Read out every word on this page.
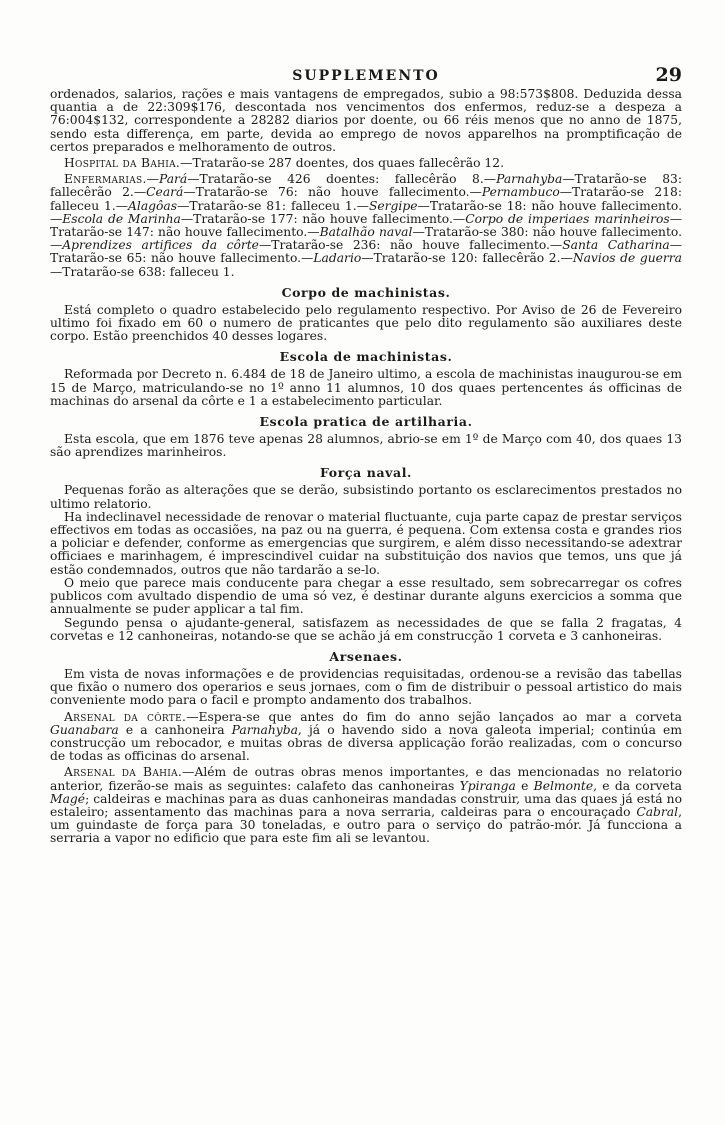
SUPPLEMENTO	29

ordenados, salarios, rações e mais vantagens de empregados, subio a 98:573$808. Deduzida dessa quantia a de 22:309$176, descontada nos vencimentos dos enfermos, reduz-se a despeza a 76:004$132, correspondente a 28282 diarios por doente, ou 66 réis menos que no anno de 1875, sendo esta differença, em parte, devida ao emprego de novos apparelhos na promptificação de certos preparados e melhoramento de outros.

Hospital da Bahia.—Tratarão-se 287 doentes, dos quaes fallecêrão 12.

Enfermarias.—Pará—Tratarão-se 426 doentes: fallecêrão 8.—Parnahyba—Tratarão-se 83: fallecêrão 2.—Ceará—Tratarão-se 76: não houve fallecimento.—Pernambuco—Tratarão-se 218: falleceu 1.—Alagôas—Tratarão-se 81: falleceu 1.—Sergipe—Tratarão-se 18: não houve fallecimento.—Escola de Marinha—Tratarão-se 177: não houve fallecimento.—Corpo de imperiaes marinheiros—Tratarão-se 147: não houve fallecimento.—Batalhão naval—Tratarão-se 380: não houve fallecimento.—Aprendizes artifices da côrte—Tratarão-se 236: não houve fallecimento.—Santa Catharina—Tratarão-se 65: não houve fallecimento.—Ladario—Tratarão-se 120: fallecêrão 2.—Navios de guerra—Tratarão-se 638: falleceu 1.

Corpo de machinistas.

Está completo o quadro estabelecido pelo regulamento respectivo. Por Aviso de 26 de Fevereiro ultimo foi fixado em 60 o numero de praticantes que pelo dito regulamento são auxiliares deste corpo. Estão preenchidos 40 desses logares.

Escola de machinistas.

Reformada por Decreto n. 6.484 de 18 de Janeiro ultimo, a escola de machinistas inaugurou-se em 15 de Março, matriculando-se no 1º anno 11 alumnos, 10 dos quaes pertencentes ás officinas de machinas do arsenal da côrte e 1 a estabelecimento particular.

Escola pratica de artilharia.

Esta escola, que em 1876 teve apenas 28 alumnos, abrio-se em 1º de Março com 40, dos quaes 13 são aprendizes marinheiros.

Força naval.

Pequenas forão as alterações que se derão, subsistindo portanto os esclarecimentos prestados no ultimo relatorio.

Ha indeclinavel necessidade de renovar o material fluctuante, cuja parte capaz de prestar serviços effectivos em todas as occasiões, na paz ou na guerra, é pequena. Com extensa costa e grandes rios a policiar e defender, conforme as emergencias que surgirem, e além disso necessitando-se adextrar officiaes e marinhagem, é imprescindivel cuidar na substituição dos navios que temos, uns que já estão condemnados, outros que não tardarão a se-lo.

O meio que parece mais conducente para chegar a esse resultado, sem sobrecarregar os cofres publicos com avultado dispendio de uma só vez, é destinar durante alguns exercicios a somma que annualmente se puder applicar a tal fim.

Segundo pensa o ajudante-general, satisfazem as necessidades de que se falla 2 fragatas, 4 corvetas e 12 canhoneiras, notando-se que se achão já em construcção 1 corveta e 3 canhoneiras.

Arsenaes.

Em vista de novas informações e de providencias requisitadas, ordenou-se a revisão das tabellas que fixão o numero dos operarios e seus jornaes, com o fim de distribuir o pessoal artistico do mais conveniente modo para o facil e prompto andamento dos trabalhos.

Arsenal da côrte.—Espera-se que antes do fim do anno sejão lançados ao mar a corveta Guanabara e a canhoneira Parnahyba, já o havendo sido a nova galeota imperial; continúa em construcção um rebocador, e muitas obras de diversa applicação forão realizadas, com o concurso de todas as officinas do arsenal.

Arsenal da Bahia.—Além de outras obras menos importantes, e das mencionadas no relatorio anterior, fizerão-se mais as seguintes: calafeto das canhoneiras Ypiranga e Belmonte, e da corveta Magé; caldeiras e machinas para as duas canhoneiras mandadas construir, uma das quaes já está no estaleiro; assentamento das machinas para a nova serraria, caldeiras para o encouraçado Cabral, um guindaste de força para 30 toneladas, e outro para o serviço do patrão-mór. Já funcciona a serraria a vapor no edificio que para este fim ali se levantou.
